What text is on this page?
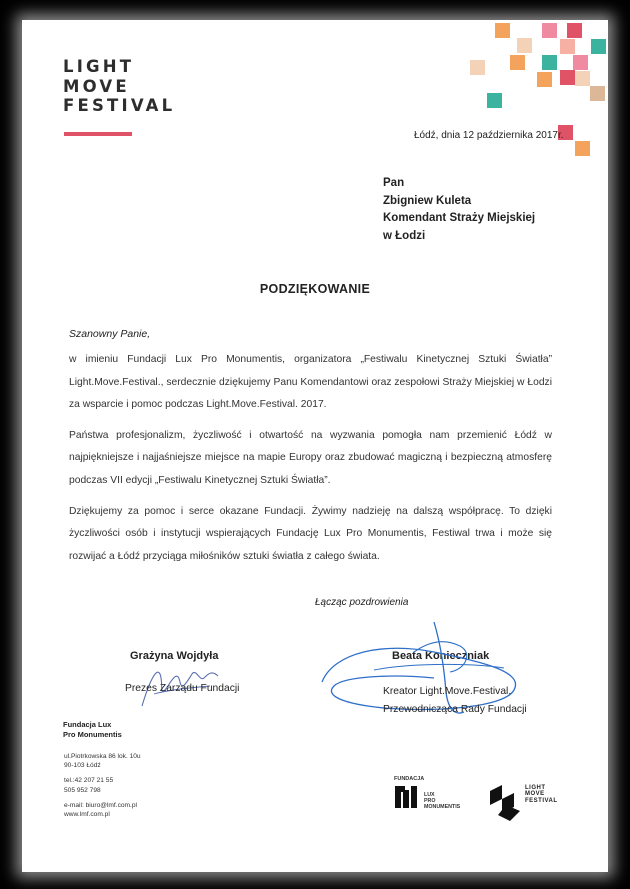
LIGHT
MOVE
FESTIVAL
Łódź, dnia 12 października 2017r.
Pan
Zbigniew Kuleta
Komendant Straży Miejskiej
w Łodzi
PODZIĘKOWANIE
Szanowny Panie,

w imieniu Fundacji Lux Pro Monumentis, organizatora „Festiwalu Kinetycznej Sztuki Światła” Light.Move.Festival., serdecznie dziękujemy Panu Komendantowi oraz zespołowi Straży Miejskiej w Łodzi za wsparcie i pomoc podczas Light.Move.Festival. 2017.

Państwa profesjonalizm, życzliwość i otwartość na wyzwania pomogła nam przemienić Łódź w najpiękniejsze i najjaśniejsze miejsce na mapie Europy oraz zbudować magiczną i bezpieczną atmosferę podczas VII edycji „Festiwalu Kinetycznej Sztuki Światła”.

Dziękujemy za pomoc i serce okazane Fundacji. Żywimy nadzieję na dalszą współpracę. To dzięki życzliwości osób i instytucji wspierających Fundację Lux Pro Monumentis, Festiwal trwa i może się rozwijać a Łódź przyciąga miłośników sztuki światła z całego świata.

Łącząc pozdrowienia
Grażyna Wojdyła
Prezes Zarządu Fundacji
Beata Konieczniak
Kreator Light.Move.Festival.
Przewodnicząca Rady Fundacji
Fundacja Lux
Pro Monumentis
ul.Piotrkowska 86 lok. 10u
90-103 Łódź
tel.:42 207 21 55
505 952 798
e-mail: biuro@lmf.com.pl
www.lmf.com.pl
FUNDACJA
LUX
PRO
MONUMENTIS
LIGHT
MOVE
FESTIVAL
